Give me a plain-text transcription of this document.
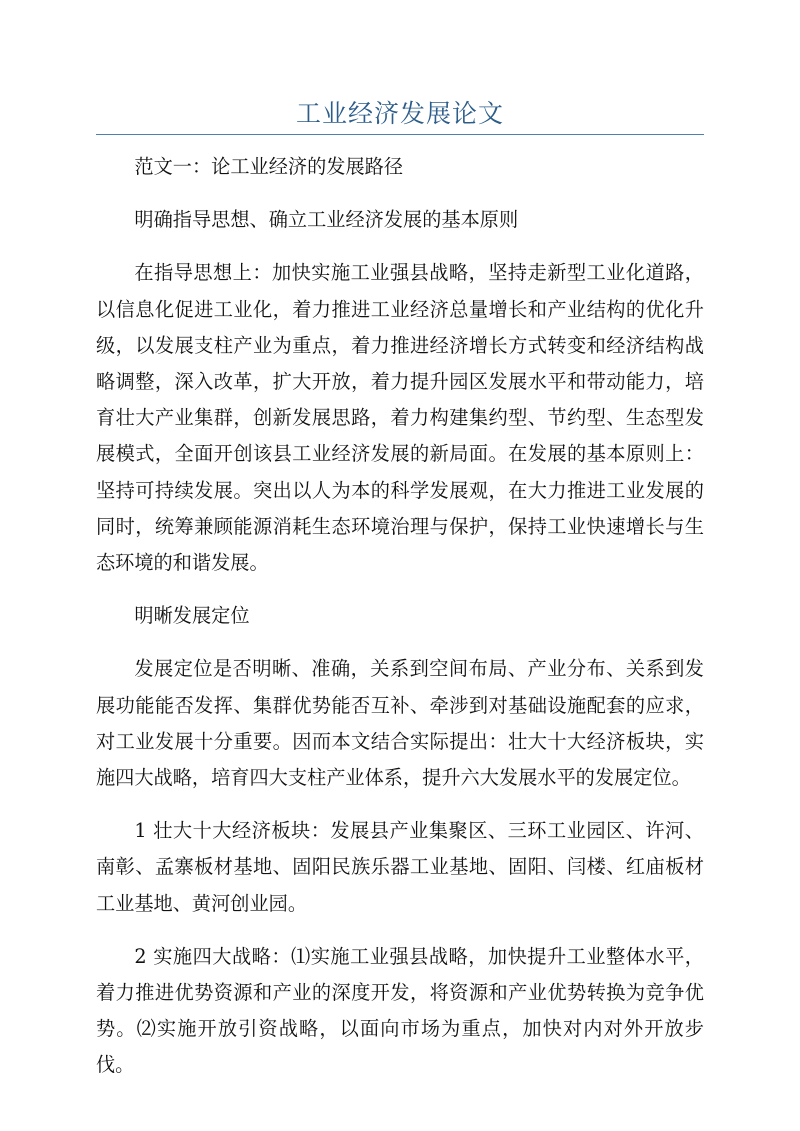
工业经济发展论文

范文一：论工业经济的发展路径

明确指导思想、确立工业经济发展的基本原则

在指导思想上：加快实施工业强县战略，坚持走新型工业化道路，以信息化促进工业化，着力推进工业经济总量增长和产业结构的优化升级，以发展支柱产业为重点，着力推进经济增长方式转变和经济结构战略调整，深入改革，扩大开放，着力提升园区发展水平和带动能力，培育壮大产业集群，创新发展思路，着力构建集约型、节约型、生态型发展模式，全面开创该县工业经济发展的新局面。在发展的基本原则上：坚持可持续发展。突出以人为本的科学发展观，在大力推进工业发展的同时，统筹兼顾能源消耗生态环境治理与保护，保持工业快速增长与生态环境的和谐发展。

明晰发展定位

发展定位是否明晰、准确，关系到空间布局、产业分布、关系到发展功能能否发挥、集群优势能否互补、牵涉到对基础设施配套的应求，对工业发展十分重要。因而本文结合实际提出：壮大十大经济板块，实施四大战略，培育四大支柱产业体系，提升六大发展水平的发展定位。

1 壮大十大经济板块：发展县产业集聚区、三环工业园区、许河、南彰、孟寨板材基地、固阳民族乐器工业基地、固阳、闫楼、红庙板材工业基地、黄河创业园。

2 实施四大战略：⑴实施工业强县战略，加快提升工业整体水平，着力推进优势资源和产业的深度开发，将资源和产业优势转换为竞争优势。⑵实施开放引资战略，以面向市场为重点，加快对内对外开放步伐。
